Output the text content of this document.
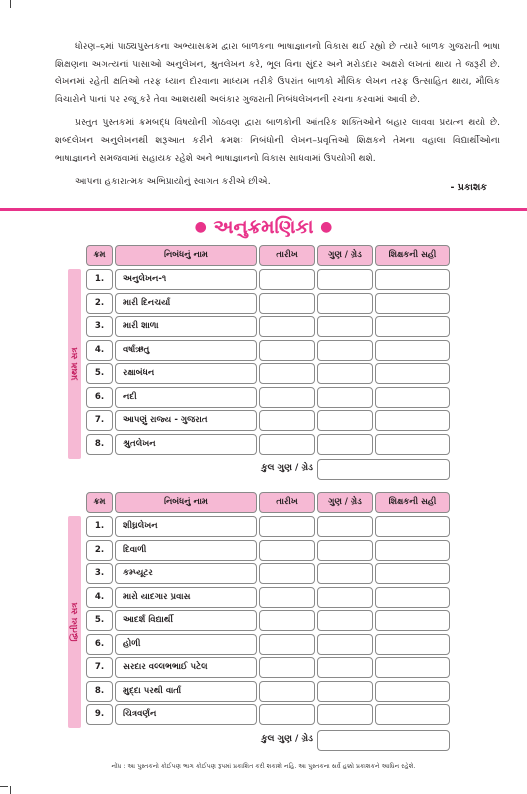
ધોરણ–૬માં પાઠ્યપુસ્તકના અભ્યાસક્રમ દ્વારા બાળકના ભાષાજ્ઞાનનો વિકાસ થઈ રહ્યો છે ત્યારે બાળક ગુજરાતી ભાષા શિક્ષણના અગત્યનાં પાસાઓ અનુલેખન, શ્રુતલેખન કરે, ભૂલ વિના સુંદર અને મરોડદાર અક્ષરો લખતાં થાય તે જરૂરી છે. લેખનમાં રહેતી ક્ષતિઓ તરફ ધ્યાન દોરવાના માધ્યમ તરીકે ઉપરાંત બાળકો મૌલિક લેખન તરફ ઉત્સાહિત થાય, મૌલિક વિચારોને પાનાં પર રજૂ કરે તેવા આશયથી અલંકાર ગુજરાતી નિબંધલેખનની રચના કરવામાં આવી છે.

પ્રસ્તુત પુસ્તકમાં ક્રમબદ્ધ વિષયોની ગોઠવણ દ્વારા બાળકોની આંતરિક શક્તિઓને બહાર લાવવા પ્રયત્ન થયો છે. શબ્દલેખન અનુલેખનથી શરૂઆત કરીને ક્રમશઃ નિબંધોની લેખન–પ્રવૃત્તિઓ શિક્ષકને તેમના વહાલા વિદ્યાર્થીઓના ભાષાજ્ઞાનને સમજવામાં સહાયક રહેશે અને ભાષાજ્ઞાનનો વિકાસ સાધવામાં ઉપયોગી થશે.

આપના હકારાત્મક અભિપ્રાયોનું સ્વાગત કરીએ છીએ.

- પ્રકાશક
● અનુક્રમણિકા ●
પ્રથમ સત્ર
ક્રમ	નિબંધનું નામ	તારીખ	ગુણ / ગ્રેડ	શિક્ષકની સહી
1.	અનુલેખન-૧
2.	મારી દિનચર્યા
3.	મારી શાળા
4.	વર્ષાઋતુ
5.	રક્ષાબંધન
6.	નદી
7.	આપણું રાજ્ય - ગુજરાત
8.	શ્રુતલેખન
કુલ ગુણ / ગ્રેડ
દ્વિતીય સત્ર
ક્રમ	નિબંધનું નામ	તારીખ	ગુણ / ગ્રેડ	શિક્ષકની સહી
1.	શીઘ્રલેખન
2.	દિવાળી
3.	કમ્પ્યૂટર
4.	મારો યાદગાર પ્રવાસ
5.	આદર્શ વિદ્યાર્થી
6.	હોળી
7.	સરદાર વલ્લભભાઈ પટેલ
8.	મુદ્દા પરથી વાર્તા
9.	ચિત્રવર્ણન
કુલ ગુણ / ગ્રેડ
નોંધ : આ પુસ્તકનો કોઈપણ ભાગ કોઈપણ રૂપમાં પ્રકાશિત કરી શકાશે નહિ. આ પુસ્તકના સર્વે હક્કો પ્રકાશકને આધિન રહેશે.
